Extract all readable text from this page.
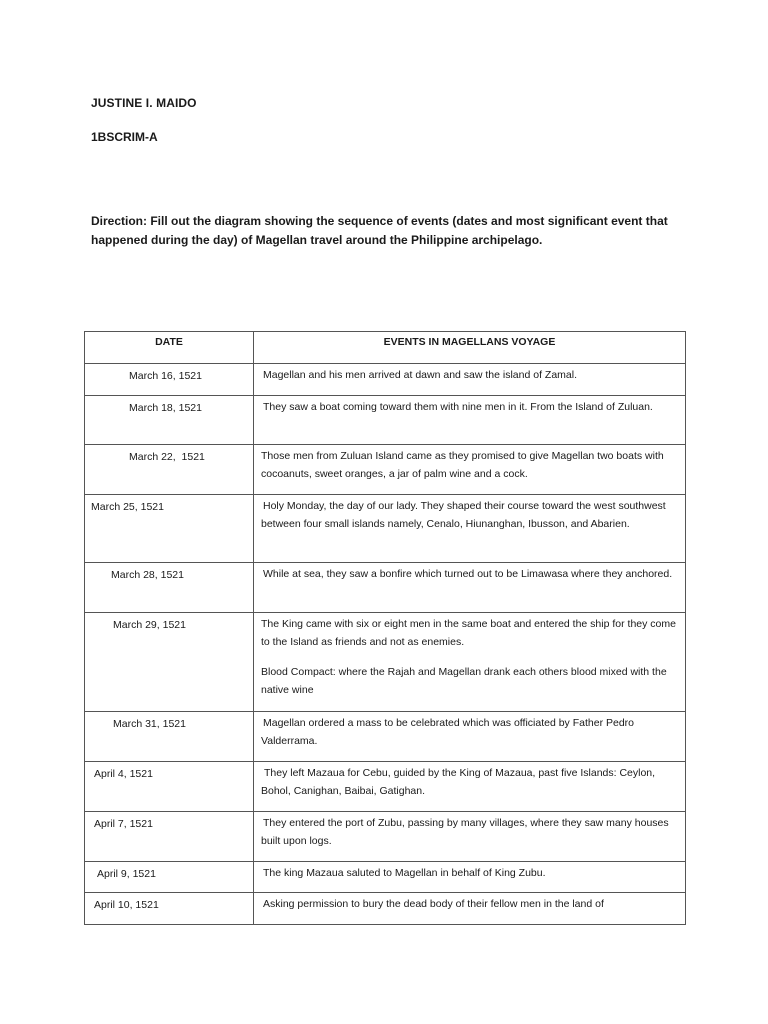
JUSTINE I. MAIDO
1BSCRIM-A
Direction: Fill out the diagram showing the sequence of events (dates and most significant event that happened during the day) of Magellan travel around the Philippine archipelago.
DATE	EVENTS IN MAGELLANS VOYAGE
March 16, 1521	Magellan and his men arrived at dawn and saw the island of Zamal.

March 18, 1521	They saw a boat coming toward them with nine men in it. From the Island of Zuluan.

March 22,  1521	Those men from Zuluan Island came as they promised to give Magellan two boats with cocoanuts, sweet oranges, a jar of palm wine and a cock.

March 25, 1521	Holy Monday, the day of our lady. They shaped their course toward the west southwest between four small islands namely, Cenalo, Hiunanghan, Ibusson, and Abarien.

March 28, 1521	While at sea, they saw a bonfire which turned out to be Limawasa where they anchored.

March 29, 1521	The King came with six or eight men in the same boat and entered the ship for they come to the Island as friends and not as enemies.

Blood Compact: where the Rajah and Magellan drank each others blood mixed with the native wine

March 31, 1521	Magellan ordered a mass to be celebrated which was officiated by Father Pedro Valderrama.

April 4, 1521	They left Mazaua for Cebu, guided by the King of Mazaua, past five Islands: Ceylon, Bohol, Canighan, Baibai, Gatighan.

April 7, 1521	They entered the port of Zubu, passing by many villages, where they saw many houses built upon logs.

April 9, 1521	The king Mazaua saluted to Magellan in behalf of King Zubu.

April 10, 1521	Asking permission to bury the dead body of their fellow men in the land of
